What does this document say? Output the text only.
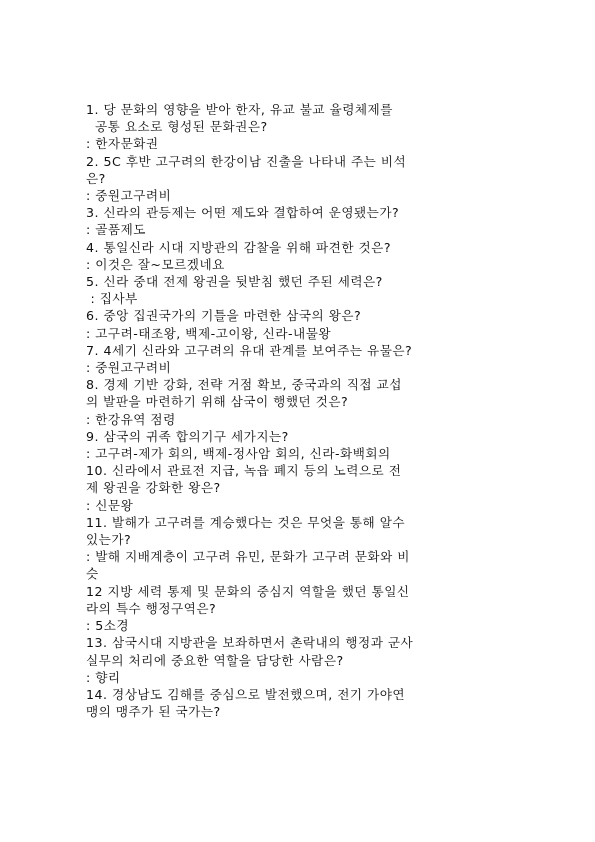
1. 당 문화의 영향을 받아 한자, 유교 불교 율령체제를
공통 요소로 형성된 문화권은?
: 한자문화권
2. 5C 후반 고구려의 한강이남 진출을 나타내 주는 비석
은?
: 중원고구려비
3. 신라의 관등제는 어떤 제도와 결합하여 운영됐는가?
: 골품제도
4. 통일신라 시대 지방관의 감찰을 위해 파견한 것은?
: 이것은 잘~모르겠네요
5. 신라 중대 전제 왕권을 뒷받침 했던 주된 세력은?
: 집사부
6. 중앙 집권국가의 기틀을 마련한 삼국의 왕은?
: 고구려-태조왕, 백제-고이왕, 신라-내물왕
7. 4세기 신라와 고구려의 유대 관계를 보여주는 유물은?
: 중원고구려비
8. 경제 기반 강화, 전략 거점 확보, 중국과의 직접 교섭
의 발판을 마련하기 위해 삼국이 행했던 것은?
: 한강유역 점령
9. 삼국의 귀족 합의기구 세가지는?
: 고구려-제가 회의, 백제-정사암 회의, 신라-화백회의
10. 신라에서 관료전 지급, 녹읍 폐지 등의 노력으로 전
제 왕권을 강화한 왕은?
: 신문왕
11. 발해가 고구려를 계승했다는 것은 무엇을 통해 알수
있는가?
: 발해 지배계층이 고구려 유민, 문화가 고구려 문화와 비
슷
12 지방 세력 통제 및 문화의 중심지 역할을 했던 통일신
라의 특수 행정구역은?
: 5소경
13. 삼국시대 지방관을 보좌하면서 촌락내의 행정과 군사
실무의 처리에 중요한 역할을 담당한 사람은?
: 향리
14. 경상남도 김해를 중심으로 발전했으며, 전기 가야연
맹의 맹주가 된 국가는?
